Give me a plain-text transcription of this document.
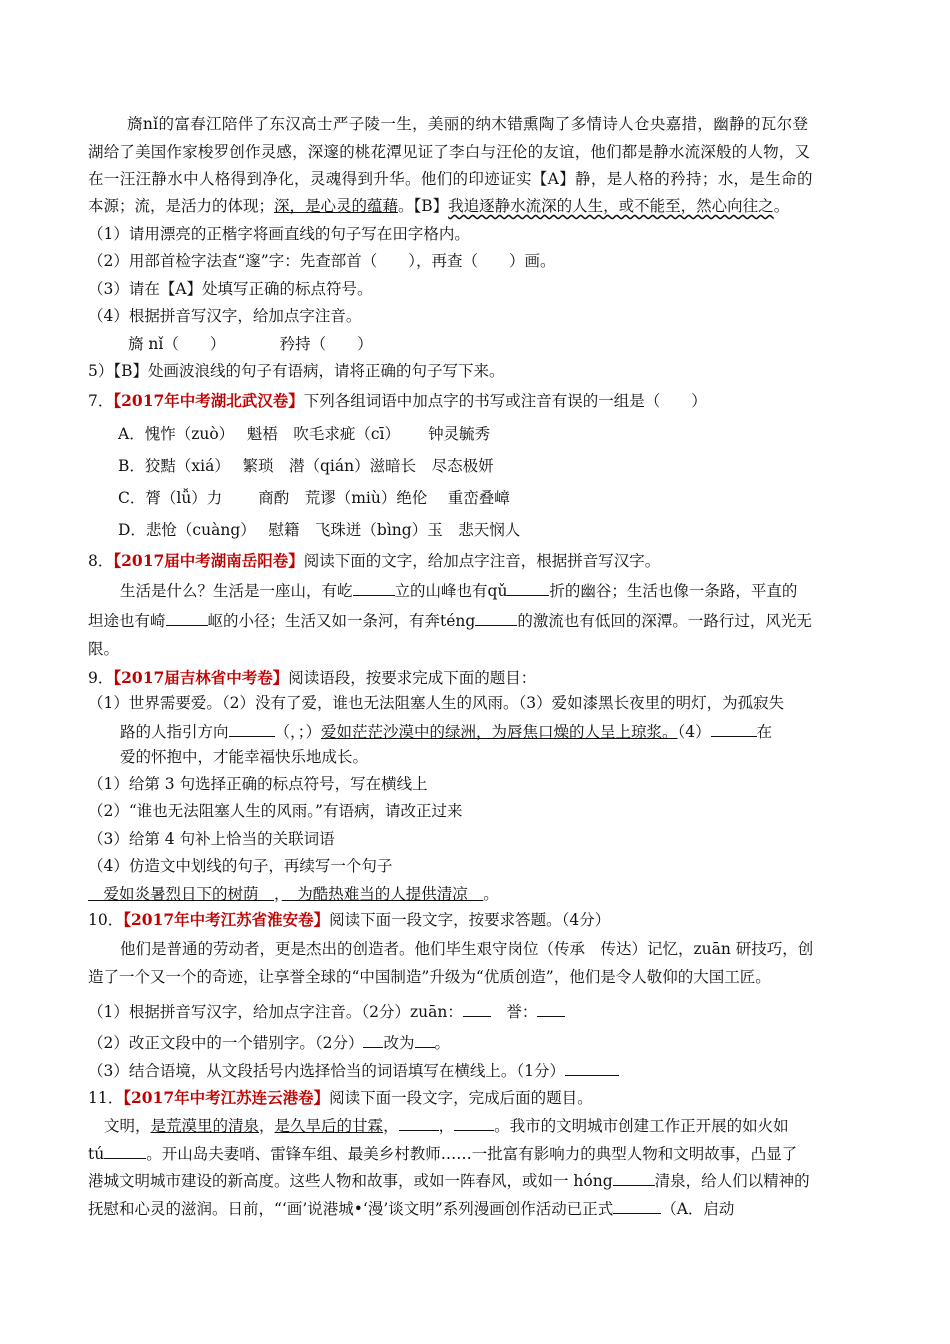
旖nǐ的富春江陪伴了东汉高士严子陵一生，美丽的纳木错熏陶了多情诗人仓央嘉措，幽静的瓦尔登
湖给了美国作家梭罗创作灵感，深邃的桃花潭见证了李白与汪伦的友谊，他们都是静水流深般的人物，又
在一汪汪静水中人格得到净化，灵魂得到升华。他们的印迹证实【A】静，是人格的矜持；水，是生命的
本源；流，是活力的体现；深，是心灵的蕴藉。【B】我追逐静水流深的人生，或不能至，然心向往之。
（1）请用漂亮的正楷字将画直线的句子写在田字格内。
（2）用部首检字法查“邃”字：先查部首（　　），再查（　　）画。
（3）请在【A】处填写正确的标点符号。
（4）根据拼音写汉字，给加点字注音。
旖 nǐ（　　）　　　　矜持（　　）
5）【B】处画波浪线的句子有语病，请将正确的句子写下来。
7．【2017年中考湖北武汉卷】下列各组词语中加点字的书写或注音有误的一组是（　　）
A．愧怍（zuò）　 魁梧　吹毛求疵（cī）　　 钟灵毓秀
B．狡黠（xiá）　 繁琐　潜（qián）滋暗长　尽态极妍
C．膂（lǚ）力　　 商酌　荒谬（miù）绝伦　 重峦叠嶂
D．悲怆（cuàng）　 慰籍　飞珠迸（bìng）玉　悲天悯人
8．【2017届中考湖南岳阳卷】阅读下面的文字，给加点字注音，根据拼音写汉字。
生活是什么？生活是一座山，有屹	立的山峰也有qǔ	折的幽谷；生活也像一条路，平直的
坦途也有崎	岖的小径；生活又如一条河，有奔téng	的激流也有低回的深潭。一路行过，风光无
限。
9．【2017届吉林省中考卷】阅读语段，按要求完成下面的题目：
（1）世界需要爱。（2）没有了爱，谁也无法阻塞人生的风雨。（3）爱如漆黑长夜里的明灯，为孤寂失
路的人指引方向	（，；）爱如茫茫沙漠中的绿洲，为唇焦口燥的人呈上琼浆。（4）	在
爱的怀抱中，才能幸福快乐地成长。
（1）给第 3 句选择正确的标点符号，写在横线上
（2）“谁也无法阻塞人生的风雨。”有语病，请改正过来
（3）给第 4 句补上恰当的关联词语
（4）仿造文中划线的句子，再续写一个句子
　爱如炎暑烈日下的树荫　，　为酷热难当的人提供清凉　。
10．【2017年中考江苏省淮安卷】阅读下面一段文字，按要求答题。（4分）
他们是普通的劳动者，更是杰出的创造者。他们毕生艰守岗位（传承　传达）记忆，zuān 研技巧，创
造了一个又一个的奇迹，让享誉全球的“中国制造”升级为“优质创造”，他们是令人敬仰的大国工匠。
（1）根据拼音写汉字，给加点字注音。（2分）zuān：　誉：
（2）改正文段中的一个错别字。（2分） 改为 。
（3）结合语境，从文段括号内选择恰当的词语填写在横线上。（1分）
11．【2017年中考江苏连云港卷】阅读下面一段文字，完成后面的题目。
文明，是荒漠里的清泉，是久旱后的甘霖，	，	。我市的文明城市创建工作正开展的如火如
tú	。开山岛夫妻哨、雷锋车组、最美乡村教师……一批富有影响力的典型人物和文明故事，凸显了
港城文明城市建设的新高度。这些人物和故事，或如一阵春风，或如一 hóng	清泉，给人们以精神的
抚慰和心灵的滋润。日前，“‘画’说港城•‘漫’谈文明”系列漫画创作活动已正式	（A．启动
